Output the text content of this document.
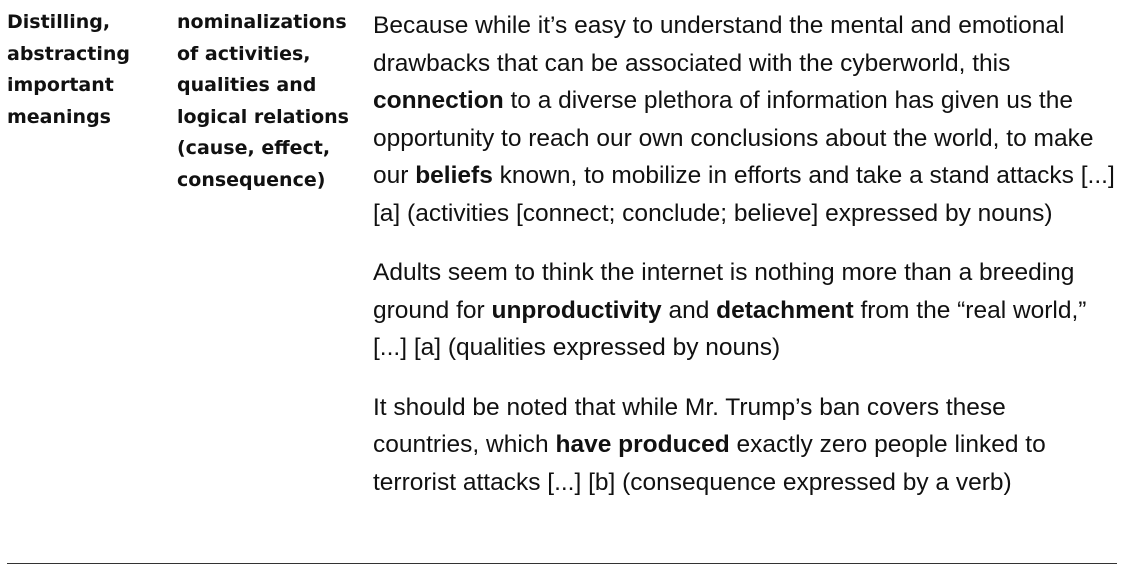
Distilling, abstracting important meanings
nominalizations of activities, qualities and logical relations (cause, effect, consequence)

Because while it’s easy to understand the mental and emotional drawbacks that can be associated with the cyberworld, this connection to a diverse plethora of information has given us the opportunity to reach our own conclusions about the world, to make our beliefs known, to mobilize in efforts and take a stand attacks [...] [a] (activities [connect; conclude; believe] expressed by nouns)

Adults seem to think the internet is nothing more than a breeding ground for unproductivity and detachment from the “real world,” [...] [a] (qualities expressed by nouns)

It should be noted that while Mr. Trump’s ban covers these countries, which have produced exactly zero people linked to terrorist attacks [...] [b] (consequence expressed by a verb)
